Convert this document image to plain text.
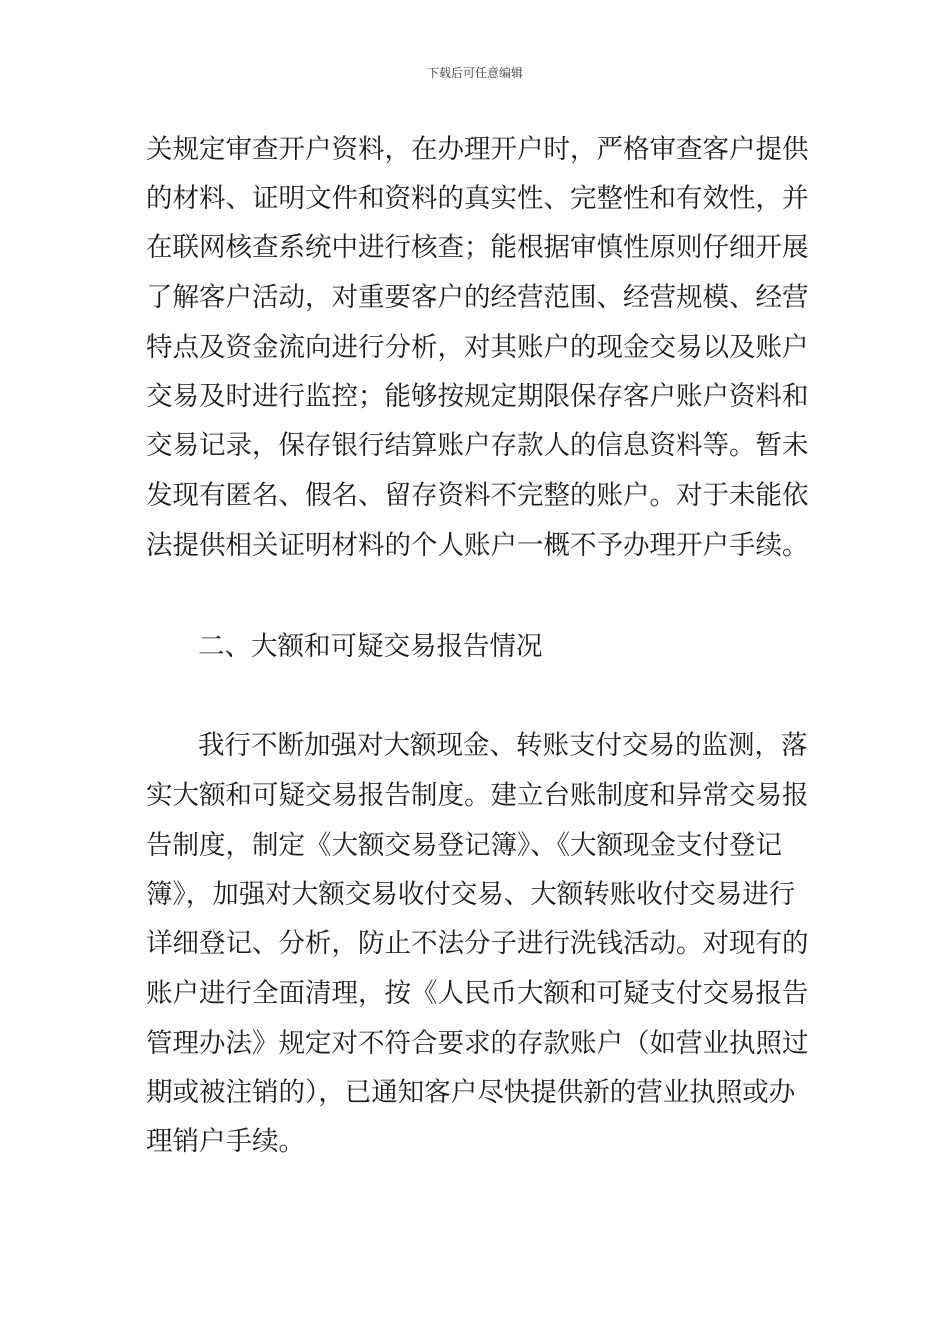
下载后可任意编辑
关规定审查开户资料，在办理开户时，严格审查客户提供
的材料、证明文件和资料的真实性、完整性和有效性，并
在联网核查系统中进行核查；能根据审慎性原则仔细开展
了解客户活动，对重要客户的经营范围、经营规模、经营
特点及资金流向进行分析，对其账户的现金交易以及账户
交易及时进行监控；能够按规定期限保存客户账户资料和
交易记录，保存银行结算账户存款人的信息资料等。暂未
发现有匿名、假名、留存资料不完整的账户。对于未能依
法提供相关证明材料的个人账户一概不予办理开户手续。
二、大额和可疑交易报告情况
我行不断加强对大额现金、转账支付交易的监测，落
实大额和可疑交易报告制度。建立台账制度和异常交易报
告制度，制定《大额交易登记簿》、《大额现金支付登记
簿》，加强对大额交易收付交易、大额转账收付交易进行
详细登记、分析，防止不法分子进行洗钱活动。对现有的
账户进行全面清理，按《人民币大额和可疑支付交易报告
管理办法》规定对不符合要求的存款账户（如营业执照过
期或被注销的），已通知客户尽快提供新的营业执照或办
理销户手续。
